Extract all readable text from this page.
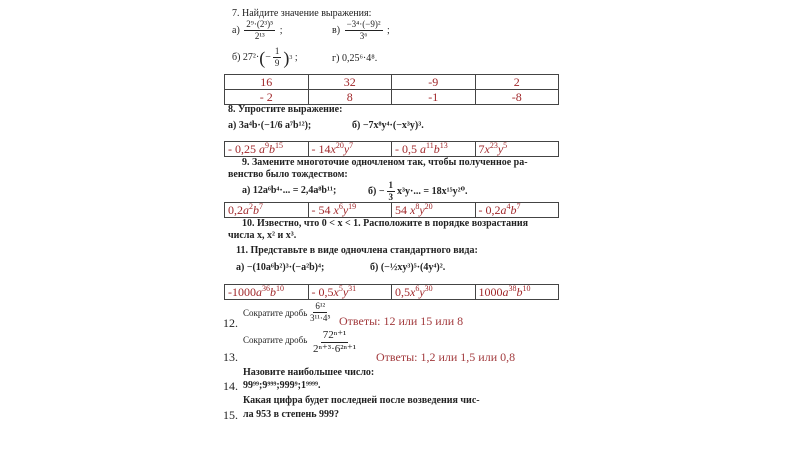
7. Найдите значение выражения:
а)
$\frac{\text{2⁹·(2³)⁵}}{\text{2¹³}}$ ;	в)
$\frac{\text{−3⁴·(−9)²}}{\text{3⁶}}$ ;
б)
27²· ( − $\frac{1}{9}$ ) 3 ;	г)
0,25⁶·4⁸.
16	32	-9	2
- 2	8	-1	-8
8. Упростите выражение:
а)
3a⁴b·(−1/6 a⁷b¹²);	б)
−7x⁸y⁴·(−x³y)³.
- 0,25 $a^9b^{15}$	- $14x^{20}y^7$	- 0,5 $a^{11}b^{13}$	$7x^{23}y^5$
9. Замените многоточие одночленом так, чтобы полученное ра-
венство было тождеством:
а)
12a⁶b⁴·... = 2,4a⁸b¹¹;	$б) - \frac{1}{3} x^3y\cdot$... = 18x¹⁵y²⁰.
$0,2a^2b^7$	- 54 $x^6y^{19}$	54 $x^8y^{20}$	- $0,2a^4b^7$
10. Известно, что 0 < x < 1. Расположите в порядке возрастания
числа x, x² и x³.
11. Представьте в виде одночлена стандартного вида:
а)
−(10a⁶b²)³·(−a²b)⁴;	б)
(−½xy³)⁵·(4y⁴)².
$-1000a^{36}b^{10}$	- $0,5x^5y^{31}$	$0,5x^6y^{30}$	$1000a^{38}b^{10}$
12.
Сократите дробь $\frac{\text{6¹²}}{\text{3¹¹·4⁵}}$ Ответы: 12 или 15 или 8
13.
Сократите дробь $\frac{\text{72ⁿ⁺¹}}{\text{2ⁿ⁺³·6²ⁿ⁺¹}}$
Ответы: 1,2 или 1,5 или 0,8
Назовите наибольшее число:
14. 99⁹⁹;9⁹⁹⁹;999⁹;1⁹⁹⁹⁹.
Какая цифра будет последней после возведения чис-
15. ла 953 в степень 999?
